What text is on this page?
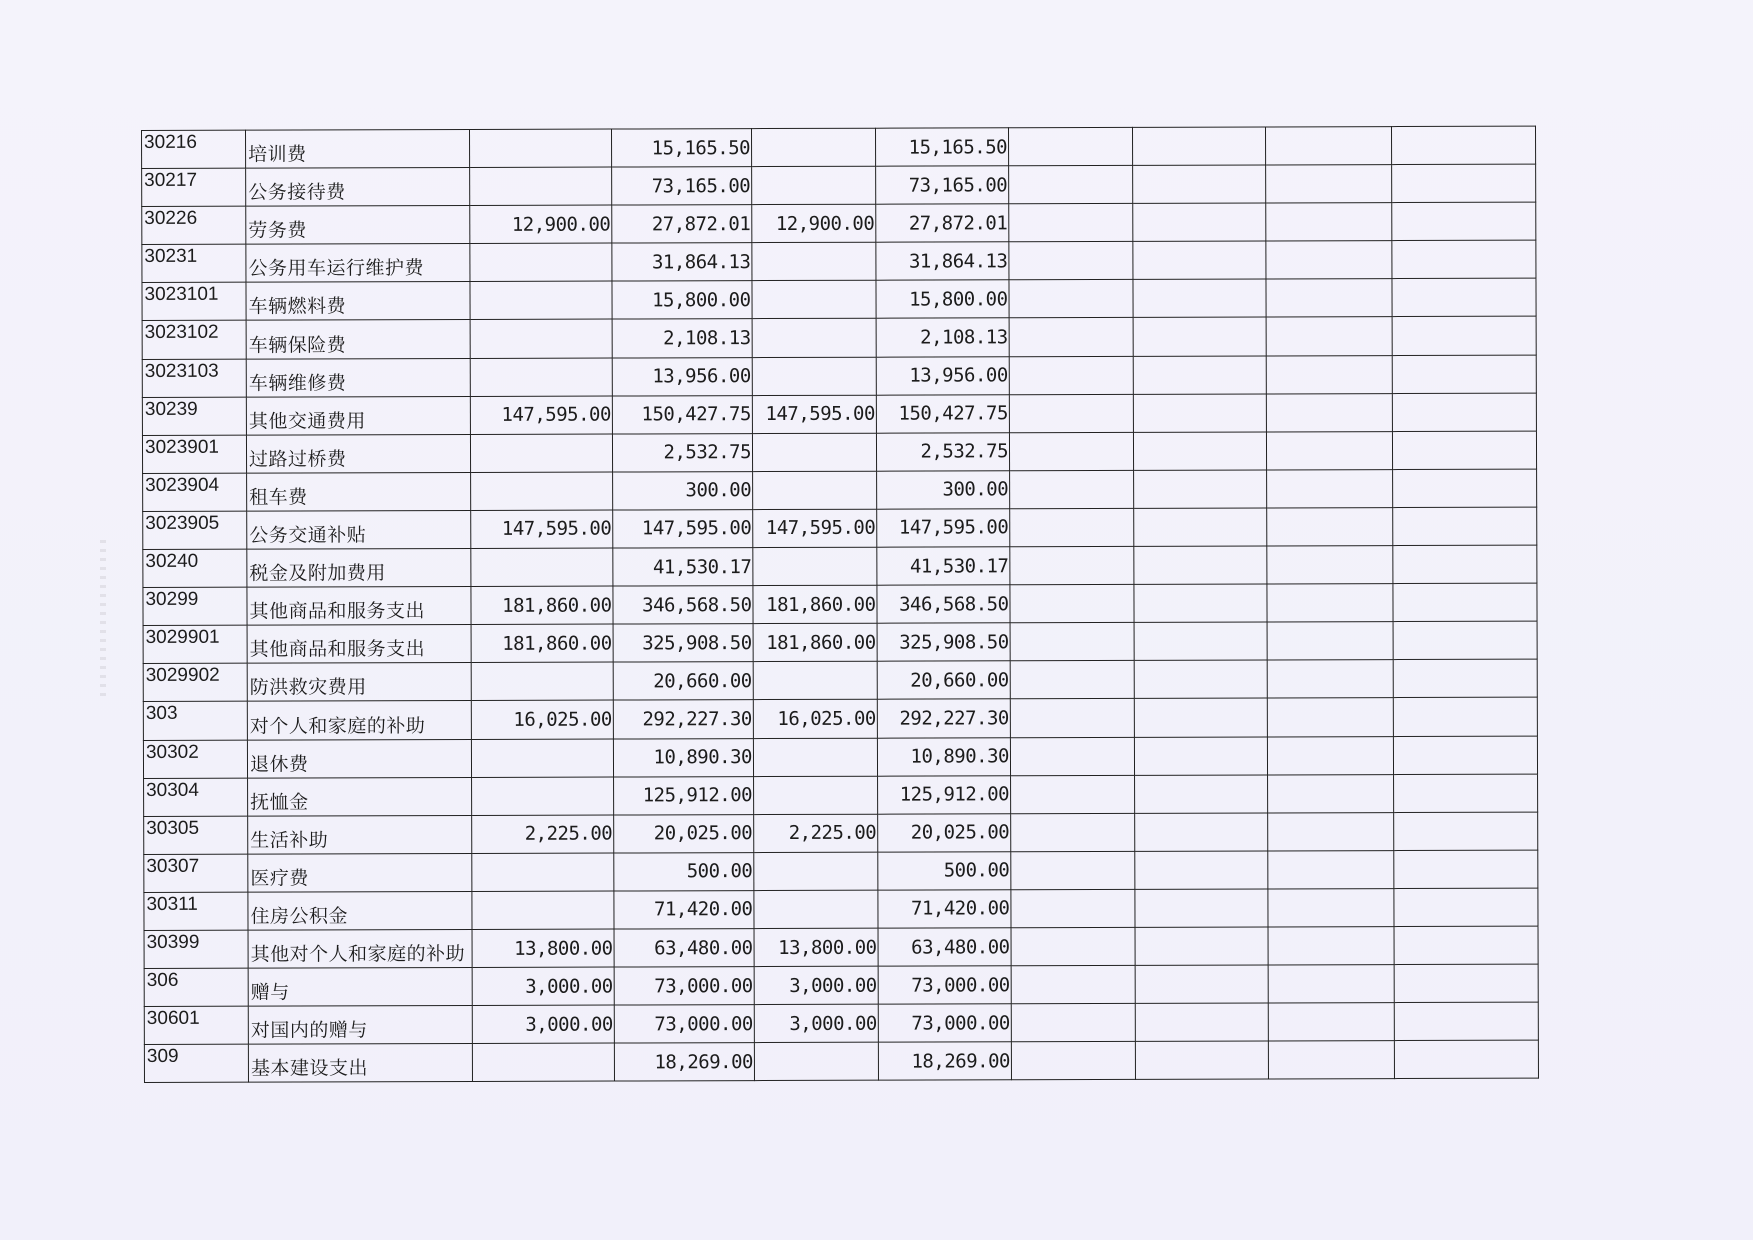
30216	培训费		15,165.50		15,165.50				
30217	公务接待费		73,165.00		73,165.00				
30226	劳务费	12,900.00	27,872.01	12,900.00	27,872.01				
30231	公务用车运行维护费		31,864.13		31,864.13				
3023101	车辆燃料费		15,800.00		15,800.00				
3023102	车辆保险费		2,108.13		2,108.13				
3023103	车辆维修费		13,956.00		13,956.00				
30239	其他交通费用	147,595.00	150,427.75	147,595.00	150,427.75				
3023901	过路过桥费		2,532.75		2,532.75				
3023904	租车费		300.00		300.00				
3023905	公务交通补贴	147,595.00	147,595.00	147,595.00	147,595.00				
30240	税金及附加费用		41,530.17		41,530.17				
30299	其他商品和服务支出	181,860.00	346,568.50	181,860.00	346,568.50				
3029901	其他商品和服务支出	181,860.00	325,908.50	181,860.00	325,908.50				
3029902	防洪救灾费用		20,660.00		20,660.00				
303	对个人和家庭的补助	16,025.00	292,227.30	16,025.00	292,227.30				
30302	退休费		10,890.30		10,890.30				
30304	抚恤金		125,912.00		125,912.00				
30305	生活补助	2,225.00	20,025.00	2,225.00	20,025.00				
30307	医疗费		500.00		500.00				
30311	住房公积金		71,420.00		71,420.00				
30399	其他对个人和家庭的补助	13,800.00	63,480.00	13,800.00	63,480.00				
306	赠与	3,000.00	73,000.00	3,000.00	73,000.00				
30601	对国内的赠与	3,000.00	73,000.00	3,000.00	73,000.00				
309	基本建设支出		18,269.00		18,269.00				
